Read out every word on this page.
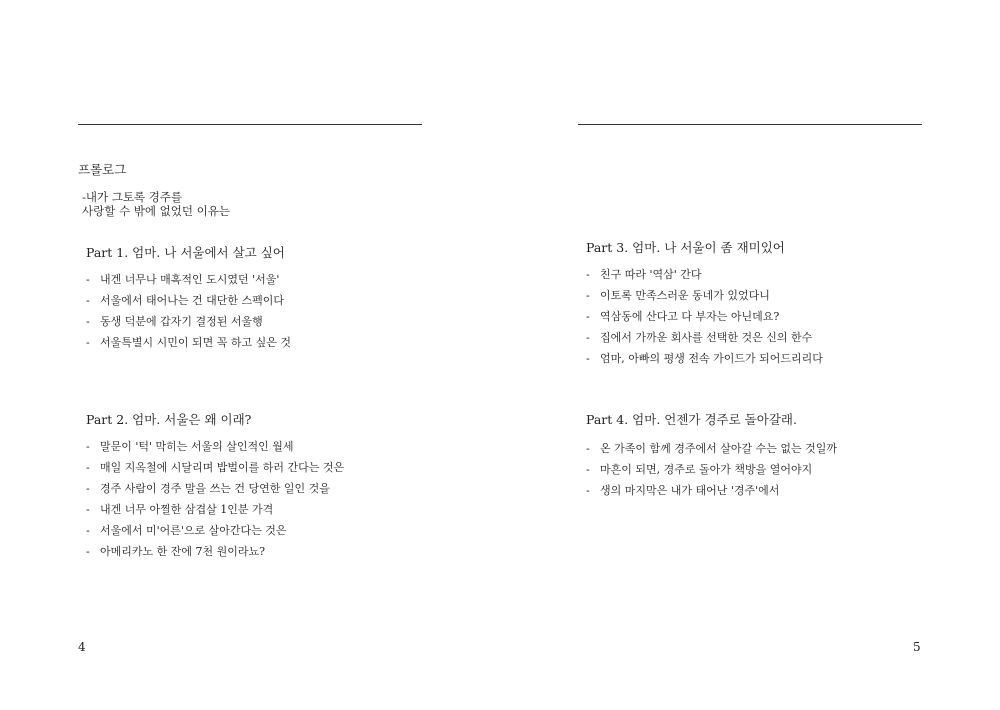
프롤로그
-내가 그토록 경주를
사랑할 수 밖에 없었던 이유는
Part 1. 엄마. 나 서울에서 살고 싶어
- 내겐 너무나 매혹적인 도시였던 '서울'
- 서울에서 태어나는 건 대단한 스펙이다
- 동생 덕분에 갑자기 결정된 서울행
- 서울특별시 시민이 되면 꼭 하고 싶은 것
Part 2. 엄마. 서울은 왜 이래?
- 말문이 '턱' 막히는 서울의 살인적인 월세
- 매일 지옥철에 시달리며 밥벌이를 하러 간다는 것은
- 경주 사람이 경주 말을 쓰는 건 당연한 일인 것을
- 내겐 너무 아찔한 삼겹살 1인분 가격
- 서울에서 미'어른'으로 살아간다는 것은
- 아메리카노 한 잔에 7천 원이라뇨?
4
Part 3. 엄마. 나 서울이 좀 재미있어
- 친구 따라 '역삼' 간다
- 이토록 만족스러운 동네가 있었다니
- 역삼동에 산다고 다 부자는 아닌데요?
- 집에서 가까운 회사를 선택한 것은 신의 한수
- 엄마, 아빠의 평생 전속 가이드가 되어드리리다
Part 4. 엄마. 언젠가 경주로 돌아갈래.
- 온 가족이 함께 경주에서 살아갈 수는 없는 것일까
- 마흔이 되면, 경주로 돌아가 책방을 열어야지
- 생의 마지막은 내가 태어난 '경주'에서
5
